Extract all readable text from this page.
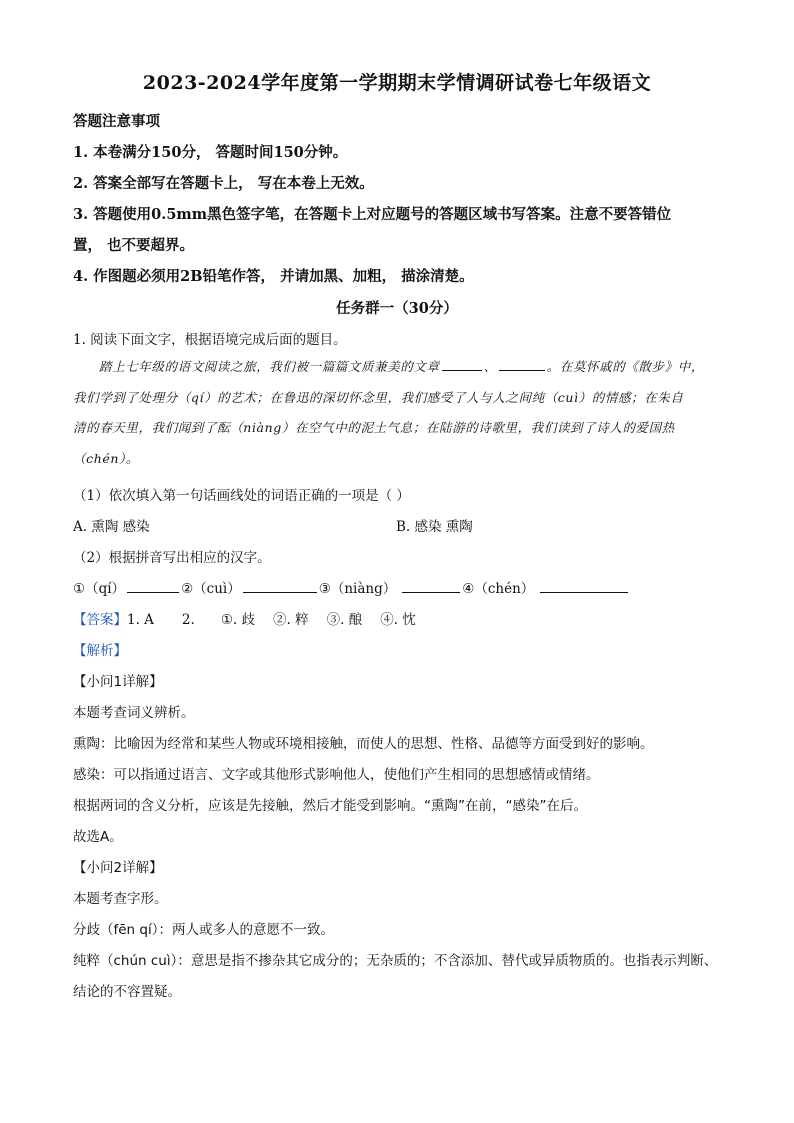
2023-2024学年度第一学期期末学情调研试卷七年级语文
答题注意事项
1. 本卷满分150分， 答题时间150分钟。
2. 答案全部写在答题卡上， 写在本卷上无效。
3. 答题使用0.5mm黑色签字笔，在答题卡上对应题号的答题区域书写答案。注意不要答错位
置， 也不要超界。
4. 作图题必须用2B铅笔作答， 并请加黑、加粗， 描涂清楚。
任务群一（30分）
1. 阅读下面文字，根据语境完成后面的题目。
踏上七年级的语文阅读之旅，我们被一篇篇文质兼美的文章	、	。在莫怀戚的《散步》中，
我们学到了处理分（qí）的艺术；在鲁迅的深切怀念里，我们感受了人与人之间纯（cuì）的情感；在朱自
清的春天里，我们闻到了酝（niàng）在空气中的泥土气息；在陆游的诗歌里，我们读到了诗人的爱国热
（chén）。
（1）依次填入第一句话画线处的词语正确的一项是（ ）
A. 熏陶 感染	B. 感染 熏陶
（2）根据拼音写出相应的汉字。
①（qí）	②（cuì）	③（niàng）	④（chén）
【答案】1. A 2. ①. 歧 ②. 粹 ③. 酿 ④. 忱
【解析】
【小问1详解】
本题考查词义辨析。
熏陶：比喻因为经常和某些人物或环境相接触，而使人的思想、性格、品德等方面受到好的影响。
感染：可以指通过语言、文字或其他形式影响他人，使他们产生相同的思想感情或情绪。
根据两词的含义分析，应该是先接触，然后才能受到影响。“熏陶”在前，“感染”在后。
故选A。
【小问2详解】
本题考查字形。
分歧（fēn qí）：两人或多人的意愿不一致。
纯粹（chún cuì）：意思是指不掺杂其它成分的；无杂质的；不含添加、替代或异质物质的。也指表示判断、
结论的不容置疑。
